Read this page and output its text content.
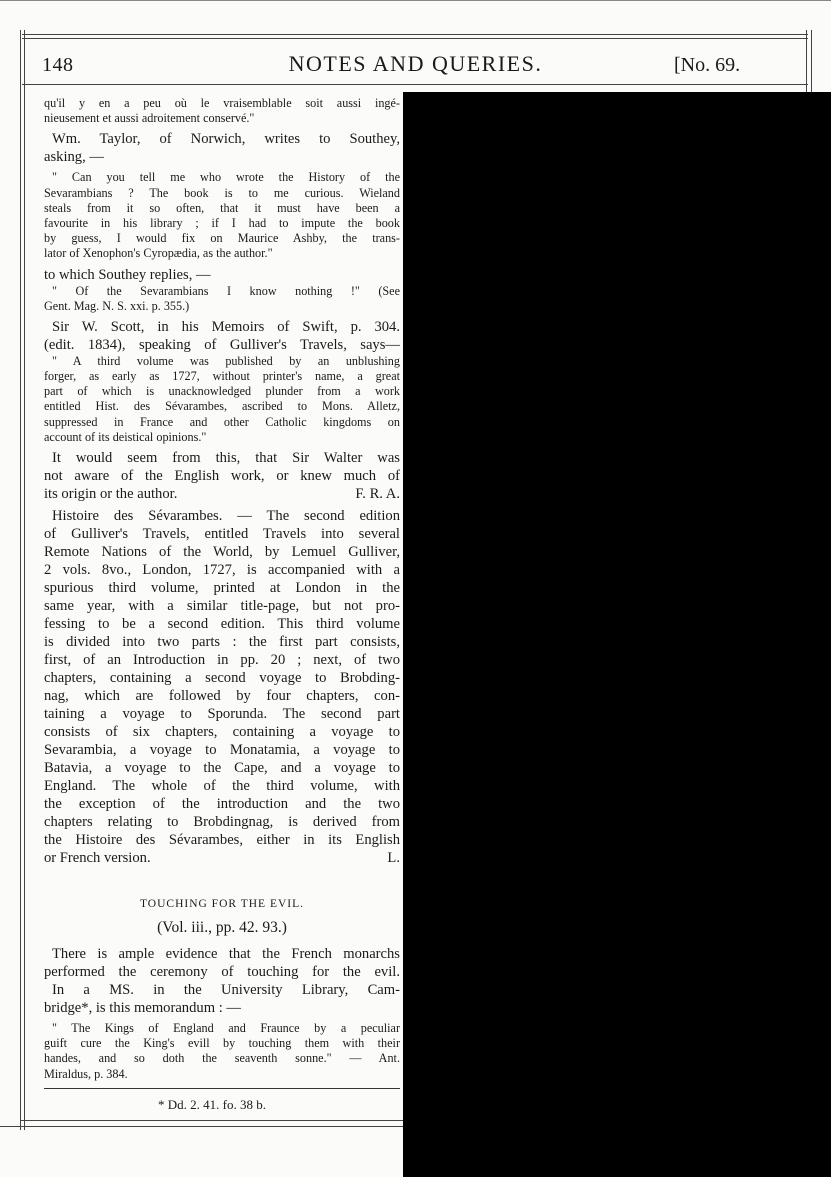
148	NOTES AND QUERIES.	[No. 69.
qu'il y en a peu où le vraisemblable soit aussi ingé-
nieusement et aussi adroitement conservé."
Wm. Taylor, of Norwich, writes to Southey,
asking, —
" Can you tell me who wrote the History of the
Sevarambians ? The book is to me curious. Wieland
steals from it so often, that it must have been a
favourite in his library ; if I had to impute the book
by guess, I would fix on Maurice Ashby, the trans-
lator of Xenophon's Cyropædia, as the author."
to which Southey replies, —
" Of the Sevarambians I know nothing !" (See
Gent. Mag. N. S. xxi. p. 355.)
Sir W. Scott, in his Memoirs of Swift, p. 304.
(edit. 1834), speaking of Gulliver's Travels, says—
" A third volume was published by an unblushing
forger, as early as 1727, without printer's name, a great
part of which is unacknowledged plunder from a work
entitled Hist. des Sévarambes, ascribed to Mons. Alletz,
suppressed in France and other Catholic kingdoms on
account of its deistical opinions."
It would seem from this, that Sir Walter was
not aware of the English work, or knew much of
its origin or the author.	F. R. A.
Histoire des Sévarambes. — The second edition
of Gulliver's Travels, entitled Travels into several
Remote Nations of the World, by Lemuel Gulliver,
2 vols. 8vo., London, 1727, is accompanied with a
spurious third volume, printed at London in the
same year, with a similar title-page, but not pro-
fessing to be a second edition. This third volume
is divided into two parts : the first part consists,
first, of an Introduction in pp. 20 ; next, of two
chapters, containing a second voyage to Brobding-
nag, which are followed by four chapters, con-
taining a voyage to Sporunda. The second part
consists of six chapters, containing a voyage to
Sevarambia, a voyage to Monatamia, a voyage to
Batavia, a voyage to the Cape, and a voyage to
England. The whole of the third volume, with
the exception of the introduction and the two
chapters relating to Brobdingnag, is derived from
the Histoire des Sévarambes, either in its English
or French version.	L.
TOUCHING FOR THE EVIL.
(Vol. iii., pp. 42. 93.)
There is ample evidence that the French monarchs
performed the ceremony of touching for the evil.
In a MS. in the University Library, Cam-
bridge*, is this memorandum : —
" The Kings of England and Fraunce by a peculiar
guift cure the King's evill by touching them with their
handes, and so doth the seaventh sonne." — Ant.
Miraldus, p. 384.
* Dd. 2. 41. fo. 38 b.
